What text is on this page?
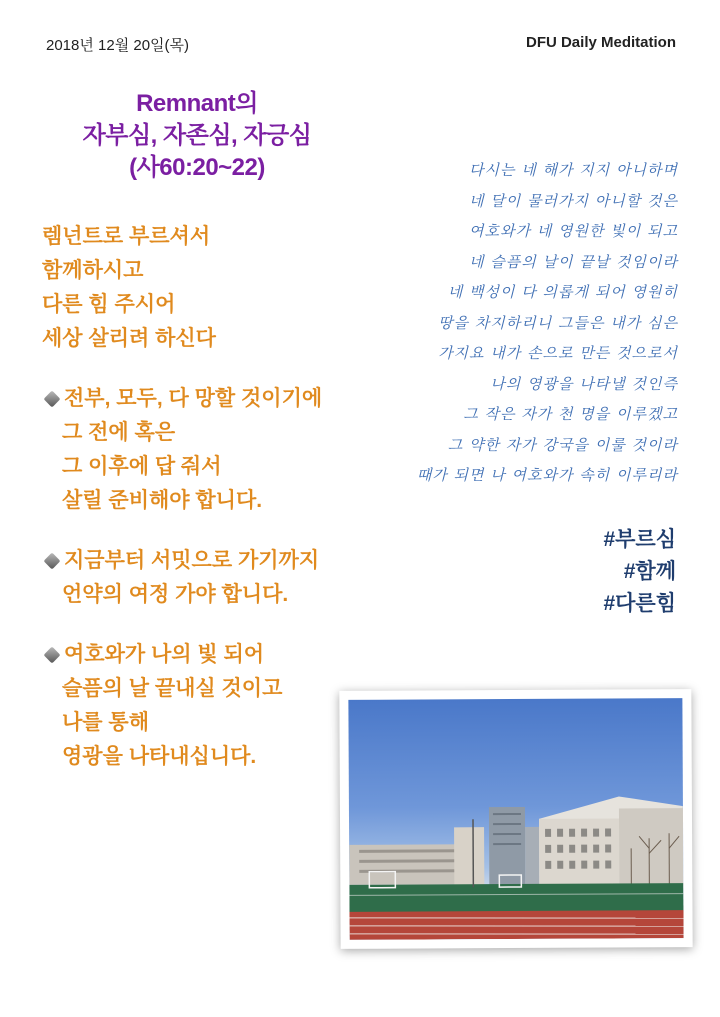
2018년 12월 20일(목)	DFU Daily Meditation
Remnant의
자부심, 자존심, 자긍심
(사60:20~22)
렘넌트로 부르셔서
함께하시고
다른 힘 주시어
세상 살리려 하신다
전부, 모두, 다 망할 것이기에
그 전에 혹은
그 이후에 답 줘서
살릴 준비해야 합니다.
지금부터 서밋으로 가기까지
언약의 여정 가야 합니다.
여호와가 나의 빛 되어
슬픔의 날 끝내실 것이고
나를 통해
영광을 나타내십니다.
다시는 네 해가 지지 아니하며
네 달이 물러가지 아니할 것은
여호와가 네 영원한 빛이 되고
네 슬픔의 날이 끝날 것임이라
네 백성이 다 의롭게 되어 영원히
땅을 차지하리니 그들은 내가 심은
가지요 내가 손으로 만든 것으로서
나의 영광을 나타낼 것인즉
그 작은 자가 천 명을 이루겠고
그 약한 자가 강국을 이룰 것이라
때가 되면 나 여호와가 속히 이루리라
#부르심
#함께
#다른힘
